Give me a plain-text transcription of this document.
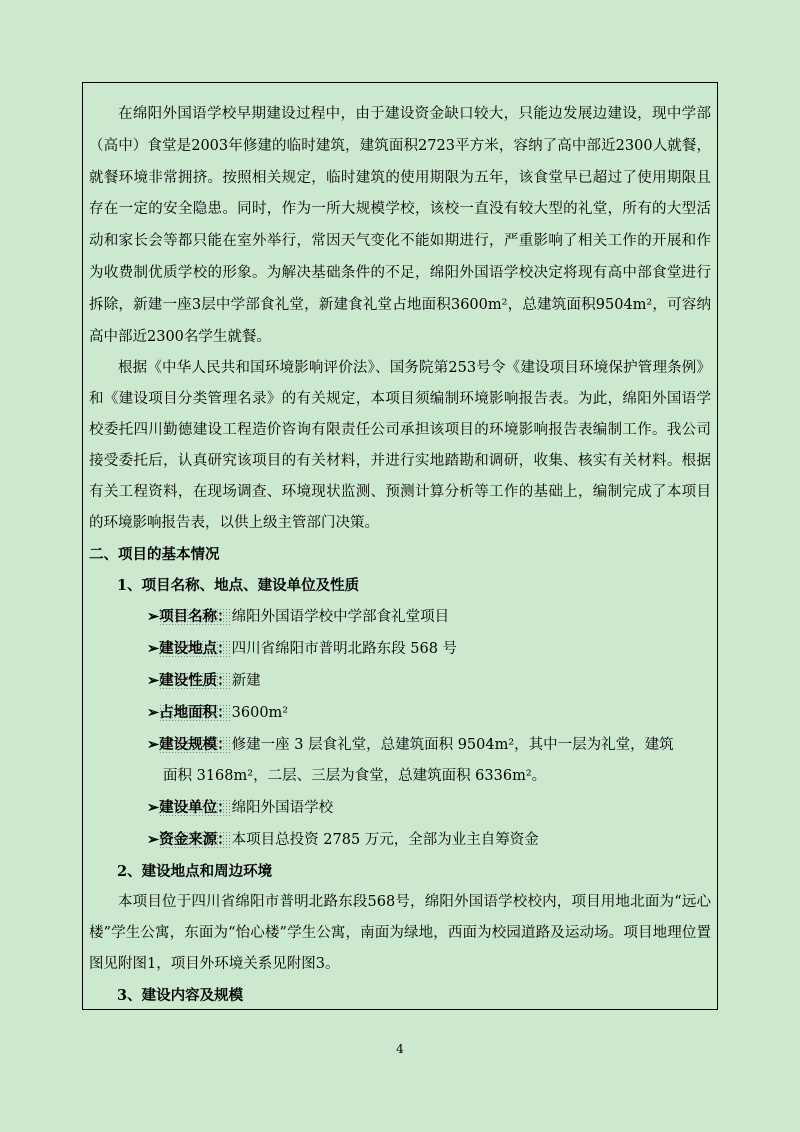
在绵阳外国语学校早期建设过程中，由于建设资金缺口较大，只能边发展边建设，现中学部（高中）食堂是2003年修建的临时建筑，建筑面积2723平方米，容纳了高中部近2300人就餐，就餐环境非常拥挤。按照相关规定，临时建筑的使用期限为五年，该食堂早已超过了使用期限且存在一定的安全隐患。同时，作为一所大规模学校，该校一直没有较大型的礼堂，所有的大型活动和家长会等都只能在室外举行，常因天气变化不能如期进行，严重影响了相关工作的开展和作为收费制优质学校的形象。为解决基础条件的不足，绵阳外国语学校决定将现有高中部食堂进行拆除，新建一座3层中学部食礼堂，新建食礼堂占地面积3600m²，总建筑面积9504m²，可容纳高中部近2300名学生就餐。

根据《中华人民共和国环境影响评价法》、国务院第253号令《建设项目环境保护管理条例》和《建设项目分类管理名录》的有关规定，本项目须编制环境影响报告表。为此，绵阳外国语学校委托四川勤德建设工程造价咨询有限责任公司承担该项目的环境影响报告表编制工作。我公司接受委托后，认真研究该项目的有关材料，并进行实地踏勘和调研，收集、核实有关材料。根据有关工程资料，在现场调查、环境现状监测、预测计算分析等工作的基础上，编制完成了本项目的环境影响报告表，以供上级主管部门决策。

二、项目的基本情况
1、项目名称、地点、建设单位及性质
➢项目名称：绵阳外国语学校中学部食礼堂项目
➢建设地点：四川省绵阳市普明北路东段 568 号
➢建设性质：新建
➢占地面积：3600m²
➢建设规模：修建一座 3 层食礼堂，总建筑面积 9504m²，其中一层为礼堂，建筑
面积 3168m²，二层、三层为食堂，总建筑面积 6336m²。
➢建设单位：绵阳外国语学校
➢资金来源：本项目总投资 2785 万元，全部为业主自筹资金
2、建设地点和周边环境

本项目位于四川省绵阳市普明北路东段568号，绵阳外国语学校校内，项目用地北面为“远心楼”学生公寓，东面为“怡心楼”学生公寓，南面为绿地，西面为校园道路及运动场。项目地理位置图见附图1，项目外环境关系见附图3。

3、建设内容及规模
4
